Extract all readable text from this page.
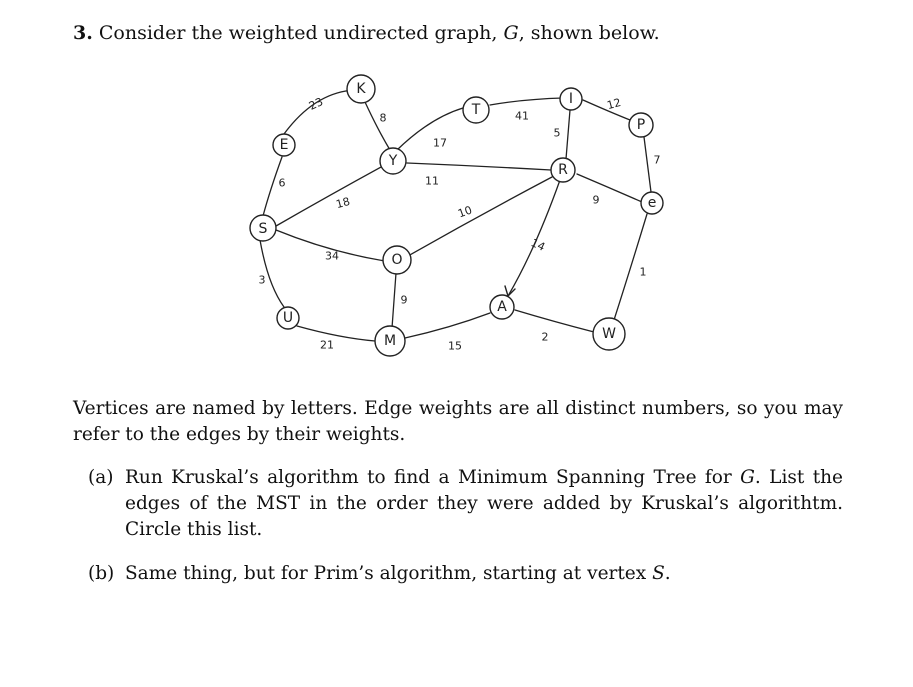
3. Consider the weighted undirected graph, G, shown below.
K
E
S
U
M
O
Y
T
I
R
P
e
W
A
23
6
3
8
18
34
21
9
15
17
11
10
41
5
12
7
9
1
14
2
Vertices are named by letters. Edge weights are all distinct numbers, so you may refer to the edges by their weights.
(a) Run Kruskal’s algorithm to find a Minimum Spanning Tree for G. List the edges of the MST in the order they were added by Kruskal’s algorithtm. Circle this list.
(b) Same thing, but for Prim’s algorithm, starting at vertex S.
